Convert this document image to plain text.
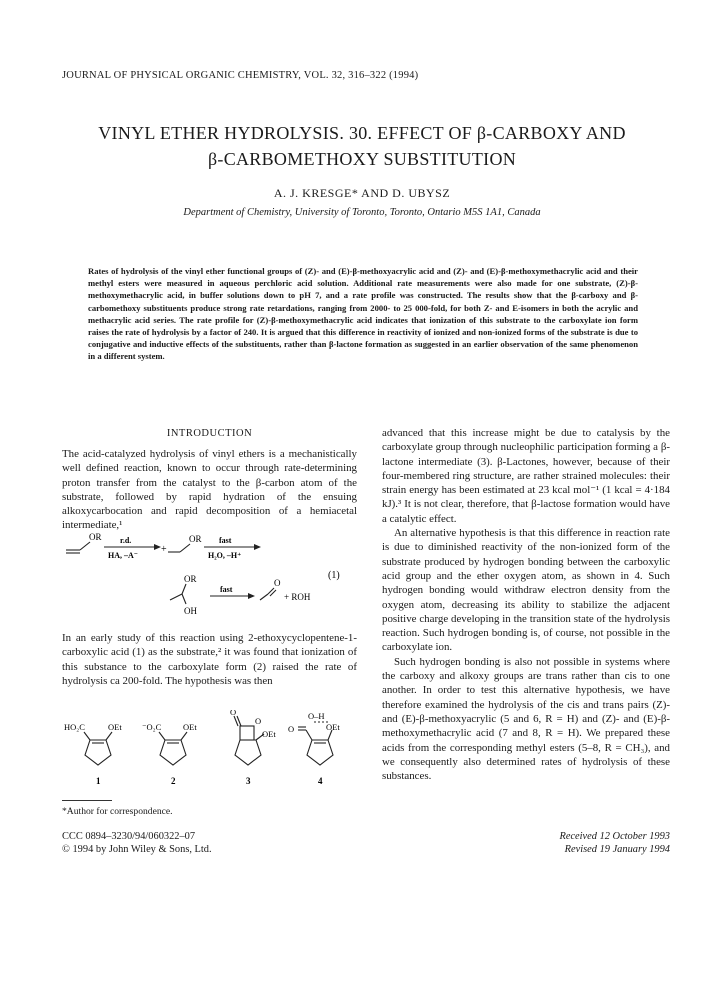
JOURNAL OF PHYSICAL ORGANIC CHEMISTRY, VOL. 32, 316–322 (1994)
VINYL ETHER HYDROLYSIS. 30. EFFECT OF β-CARBOXY AND
β-CARBOMETHOXY SUBSTITUTION
A. J. KRESGE* AND D. UBYSZ
Department of Chemistry, University of Toronto, Toronto, Ontario M5S 1A1, Canada
Rates of hydrolysis of the vinyl ether functional groups of (Z)- and (E)-β-methoxyacrylic acid and (Z)- and (E)-β-methoxymethacrylic acid and their methyl esters were measured in aqueous perchloric acid solution. Additional rate measurements were also made for one substrate, (Z)-β-methoxymethacrylic acid, in buffer solutions down to pH 7, and a rate profile was constructed. The results show that the β-carboxy and β-carbomethoxy substituents produce strong rate retardations, ranging from 2000- to 25 000-fold, for both Z- and E-isomers in both the acrylic and methacrylic acid series. The rate profile for (Z)-β-methoxymethacrylic acid indicates that ionization of this substrate to the carboxylate ion form raises the rate of hydrolysis by a factor of 240. It is argued that this difference in reactivity of ionized and non-ionized forms of the substrate is due to conjugative and inductive effects of the substituents, rather than β-lactone formation as suggested in an earlier observation of the same phenomenon in a different system.
INTRODUCTION

The acid-catalyzed hydrolysis of vinyl ethers is a mechanistically well defined reaction, known to occur through rate-determining proton transfer from the catalyst to the β-carbon atom of the substrate, followed by rapid hydration of the ensuing alkoxycarbocation and rapid decomposition of a hemiacetal intermediate,¹

OR r.d.
HA, –A⁻
+
OR fast
H₂O, –H⁺
(1)
OR
OH
fast
O
+ ROH

In an early study of this reaction using 2-ethoxycyclopentene-1-carboxylic acid (1) as the substrate,² it was found that ionization of this substance to the carboxylate form (2) raised the rate of hydrolysis ca 200-fold. The hypothesis was then

HO₂C	OEt
1
⁻O₂C	OEt
2
O
O
OEt
3
O
O–H
OEt
4

advanced that this increase might be due to catalysis by the carboxylate group through nucleophilic participation forming a β-lactone intermediate (3). β-Lactones, however, because of their four-membered ring structure, are rather strained molecules: their strain energy has been estimated at 23 kcal mol⁻¹ (1 kcal = 4·184 kJ).³ It is not clear, therefore, that β-lactose formation would have a catalytic effect.

An alternative hypothesis is that this difference in reaction rate is due to diminished reactivity of the non-ionized form of the substrate produced by hydrogen bonding between the carboxylic acid group and the ether oxygen atom, as shown in 4. Such hydrogen bonding would withdraw electron density from the oxygen atom, decreasing its ability to stabilize the adjacent positive charge developing in the transition state of the hydrolysis reaction. Such hydrogen bonding is, of course, not possible in the carboxylate ion.

Such hydrogen bonding is also not possible in systems where the carboxy and alkoxy groups are trans rather than cis to one another. In order to test this alternative hypothesis, we have therefore examined the hydrolysis of the cis and trans pairs (Z)- and (E)-β-methoxyacrylic (5 and 6, R = H) and (Z)- and (E)-β-methoxymethacrylic acid (7 and 8, R = H). We prepared these acids from the corresponding methyl esters (5–8, R = CH₃), and we consequently also determined rates of hydrolysis of these substances.

*Author for correspondence.
CCC 0894–3230/94/060322–07
© 1994 by John Wiley & Sons, Ltd.
Received 12 October 1993
Revised 19 January 1994
